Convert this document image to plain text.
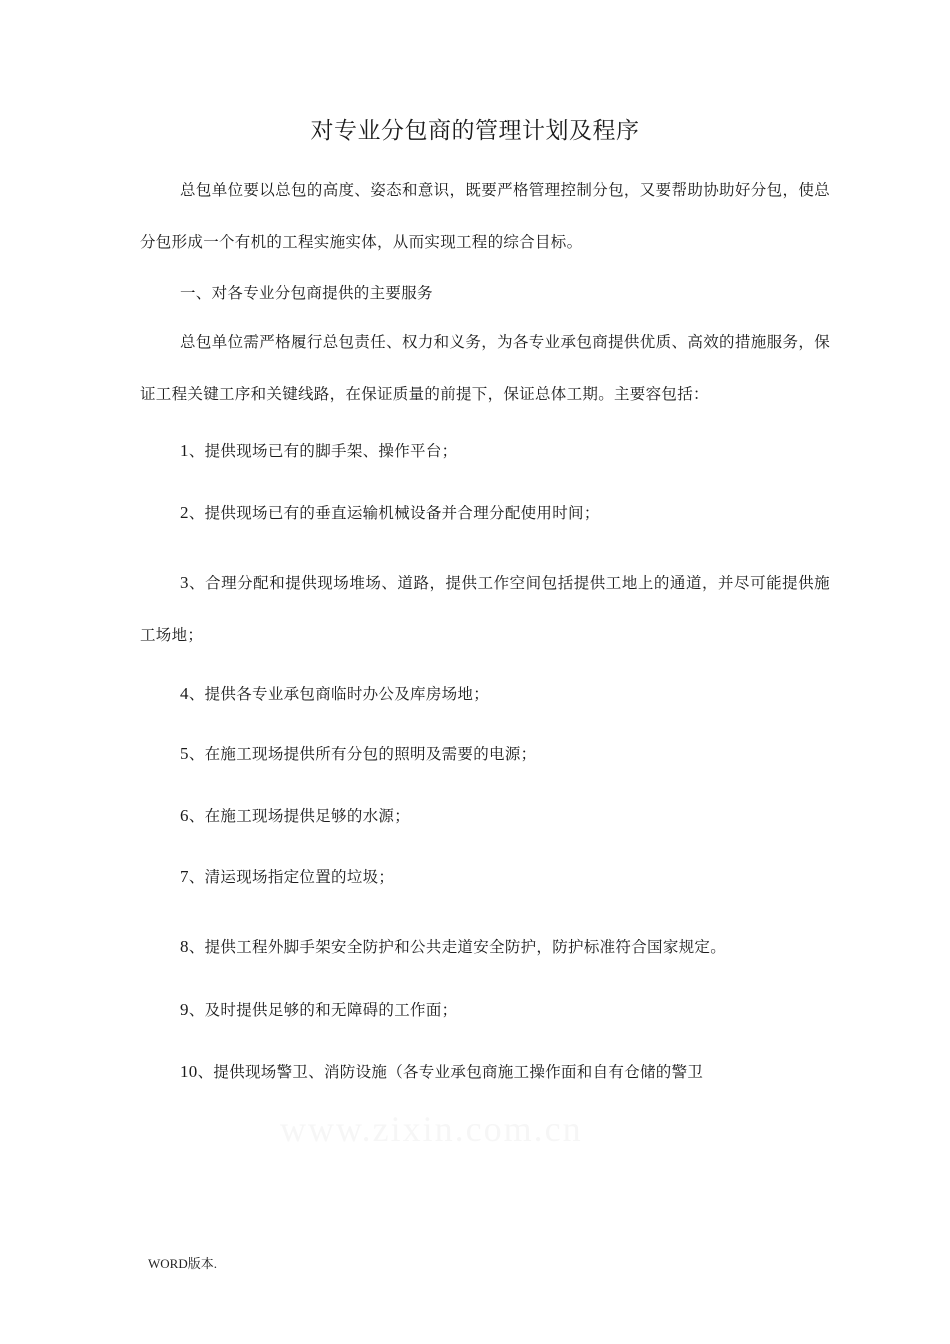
对专业分包商的管理计划及程序
总包单位要以总包的高度、姿态和意识，既要严格管理控制分包，又要帮助协助好分包，使总分包形成一个有机的工程实施实体，从而实现工程的综合目标。
一、对各专业分包商提供的主要服务
总包单位需严格履行总包责任、权力和义务，为各专业承包商提供优质、高效的措施服务，保证工程关键工序和关键线路，在保证质量的前提下，保证总体工期。主要容包括：
1、提供现场已有的脚手架、操作平台；
2、提供现场已有的垂直运输机械设备并合理分配使用时间；
3、合理分配和提供现场堆场、道路，提供工作空间包括提供工地上的通道，并尽可能提供施工场地；
4、提供各专业承包商临时办公及库房场地；
5、在施工现场提供所有分包的照明及需要的电源；
6、在施工现场提供足够的水源；
7、清运现场指定位置的垃圾；
8、提供工程外脚手架安全防护和公共走道安全防护，防护标准符合国家规定。
9、及时提供足够的和无障碍的工作面；
10、提供现场警卫、消防设施（各专业承包商施工操作面和自有仓储的警卫
www.zixin.com.cn
WORD版本.
